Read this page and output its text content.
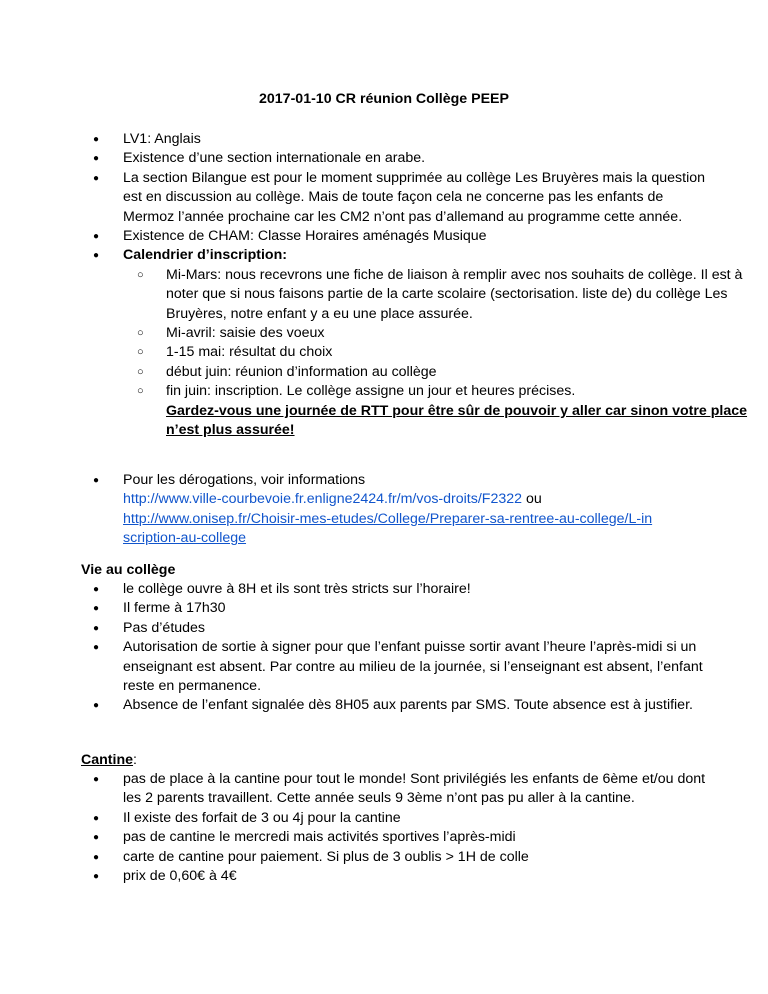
2017-01-10 CR réunion Collège PEEP
● LV1: Anglais
● Existence d’une section internationale en arabe.
● La section Bilangue est pour le moment supprimée au collège Les Bruyères mais la question est en discussion au collège. Mais de toute façon cela ne concerne pas les enfants de Mermoz l’année prochaine car les CM2 n’ont pas d’allemand au programme cette année.
● Existence de CHAM: Classe Horaires aménagés Musique
● Calendrier d’inscription:
○ Mi-Mars: nous recevrons une fiche de liaison à remplir avec nos souhaits de collège. Il est à noter que si nous faisons partie de la carte scolaire (sectorisation. liste de) du collège Les Bruyères, notre enfant y a eu une place assurée.
○ Mi-avril: saisie des voeux
○ 1-15 mai: résultat du choix
○ début juin: réunion d’information au collège
○ fin juin: inscription. Le collège assigne un jour et heures précises.
Gardez-vous une journée de RTT pour être sûr de pouvoir y aller car sinon votre place n’est plus assurée!
● Pour les dérogations, voir informations
http://www.ville-courbevoie.fr.enligne2424.fr/m/vos-droits/F2322 ou
http://www.onisep.fr/Choisir-mes-etudes/College/Preparer-sa-rentree-au-college/L-in
scription-au-college
Vie au collège
● le collège ouvre à 8H et ils sont très stricts sur l’horaire!
● Il ferme à 17h30
● Pas d’études
● Autorisation de sortie à signer pour que l’enfant puisse sortir avant l’heure l’après-midi si un enseignant est absent. Par contre au milieu de la journée, si l’enseignant est absent, l’enfant reste en permanence.
● Absence de l’enfant signalée dès 8H05 aux parents par SMS. Toute absence est à justifier.
Cantine:
● pas de place à la cantine pour tout le monde! Sont privilégiés les enfants de 6ème et/ou dont les 2 parents travaillent. Cette année seuls 9 3ème n’ont pas pu aller à la cantine.
● Il existe des forfait de 3 ou 4j pour la cantine
● pas de cantine le mercredi mais activités sportives l’après-midi
● carte de cantine pour paiement. Si plus de 3 oublis > 1H de colle
● prix de 0,60€ à 4€
